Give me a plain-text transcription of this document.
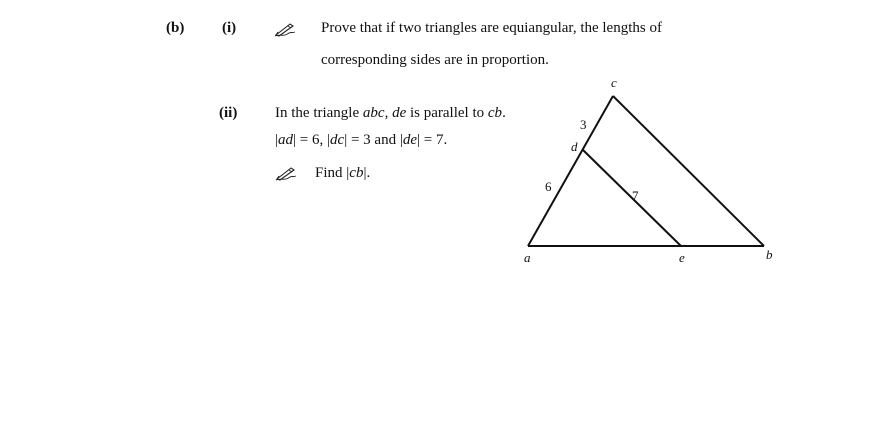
(b)	(i)	Prove that if two triangles are equiangular, the lengths of
corresponding sides are in proportion.
(ii)	In the triangle abc, de is parallel to cb.
|ad| = 6, |dc| = 3 and |de| = 7.
Find |cb|.
c
d
a	e	b
3
6
7
